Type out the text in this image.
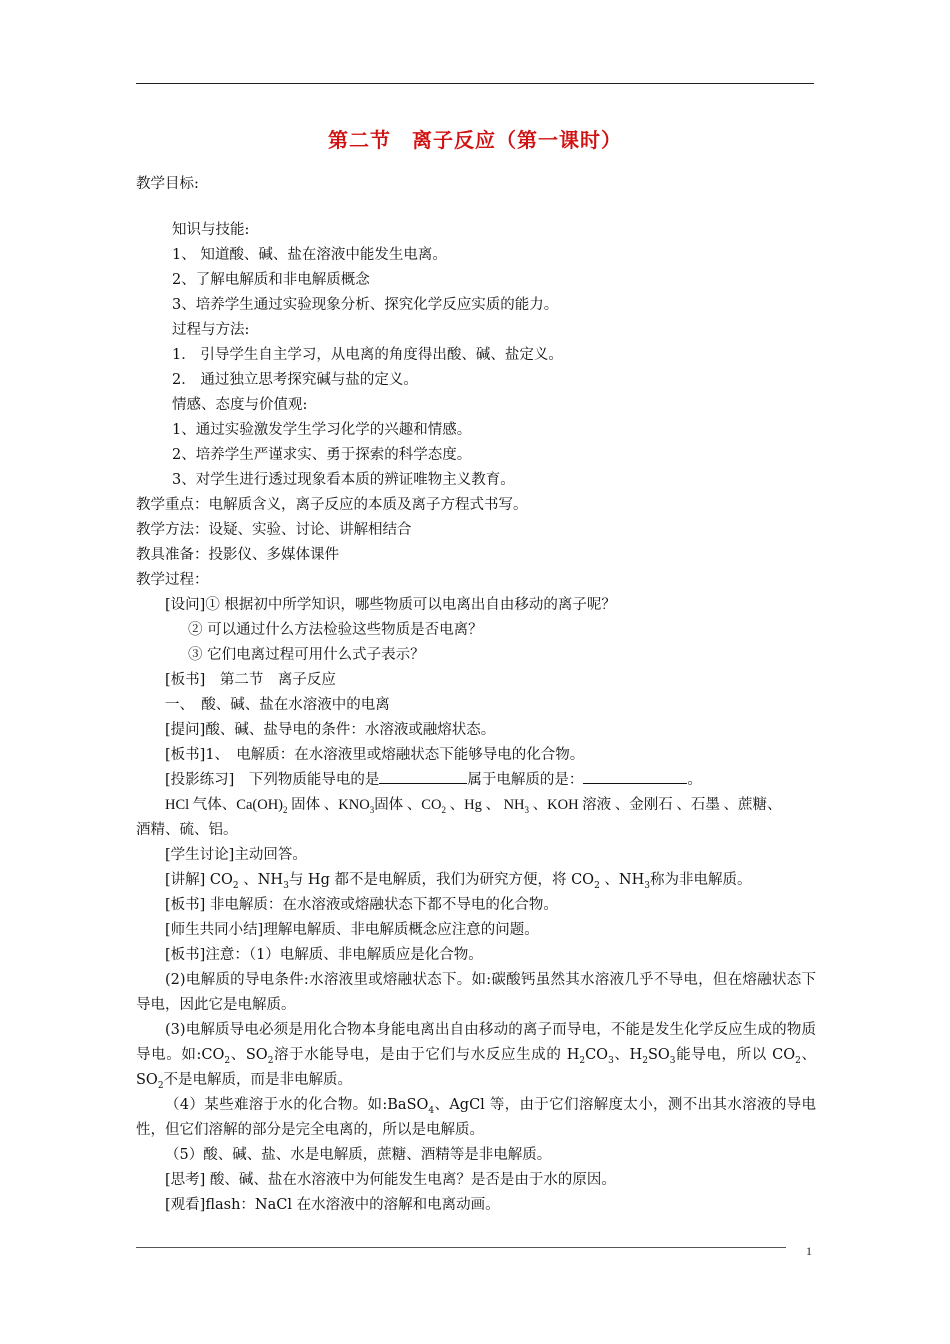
第二节　离子反应（第一课时）
教学目标:
知识与技能:
1、 知道酸、碱、盐在溶液中能发生电离。
2、了解电解质和非电解质概念
3、培养学生通过实验现象分析、探究化学反应实质的能力。
过程与方法:
1． 引导学生自主学习，从电离的角度得出酸、碱、盐定义。
2． 通过独立思考探究碱与盐的定义。
情感、态度与价值观:
1、通过实验激发学生学习化学的兴趣和情感。
2、培养学生严谨求实、勇于探索的科学态度。
3、对学生进行透过现象看本质的辨证唯物主义教育。
教学重点：电解质含义，离子反应的本质及离子方程式书写。
教学方法：设疑、实验、讨论、讲解相结合
教具准备：投影仪、多媒体课件
教学过程：
[设问]① 根据初中所学知识，哪些物质可以电离出自由移动的离子呢？
② 可以通过什么方法检验这些物质是否电离？
③ 它们电离过程可用什么式子表示？
[板书]　第二节　离子反应
一、　酸、碱、盐在水溶液中的电离
[提问]酸、碱、盐导电的条件：水溶液或融熔状态。
[板书]1、　电解质：在水溶液里或熔融状态下能够导电的化合物。
[投影练习]　下列物质能导电的是	属于电解质的是：	。
HCl 气体、$Ca(OH)_2$ 固体 、$KNO_3$固体 、$CO_2$ 、Hg 、 $NH_3$ 、KOH 溶液 、金刚石 、石墨 、蔗糖、
酒精、硫、铝。
[学生讨论]主动回答。
[讲解] $CO_2$ 、$NH_3$与 Hg 都不是电解质，我们为研究方便，将 $CO_2$ 、$NH_3$称为非电解质。
[板书] 非电解质：在水溶液或熔融状态下都不导电的化合物。
[师生共同小结]理解电解质、非电解质概念应注意的问题。
[板书]注意：（1）电解质、非电解质应是化合物。
(2)电解质的导电条件:水溶液里或熔融状态下。如:碳酸钙虽然其水溶液几乎不导电，但在熔融状态下导电，因此它是电解质。
(3)电解质导电必须是用化合物本身能电离出自由移动的离子而导电，不能是发生化学反应生成的物质导电。如$:CO_2$、$SO_2$溶于水能导电，是由于它们与水反应生成的 $H_2CO_3$、$H_2SO_3$能导电，所以 $CO_2$、$SO_2$不是电解质，而是非电解质。
（4）某些难溶于水的化合物。如:BaSO$_4$、AgCl 等，由于它们溶解度太小，测不出其水溶液的导电性，但它们溶解的部分是完全电离的，所以是电解质。
（5）酸、碱、盐、水是电解质，蔗糖、酒精等是非电解质。
[思考] 酸、碱、盐在水溶液中为何能发生电离？是否是由于水的原因。
[观看]flash：NaCl 在水溶液中的溶解和电离动画。
1
